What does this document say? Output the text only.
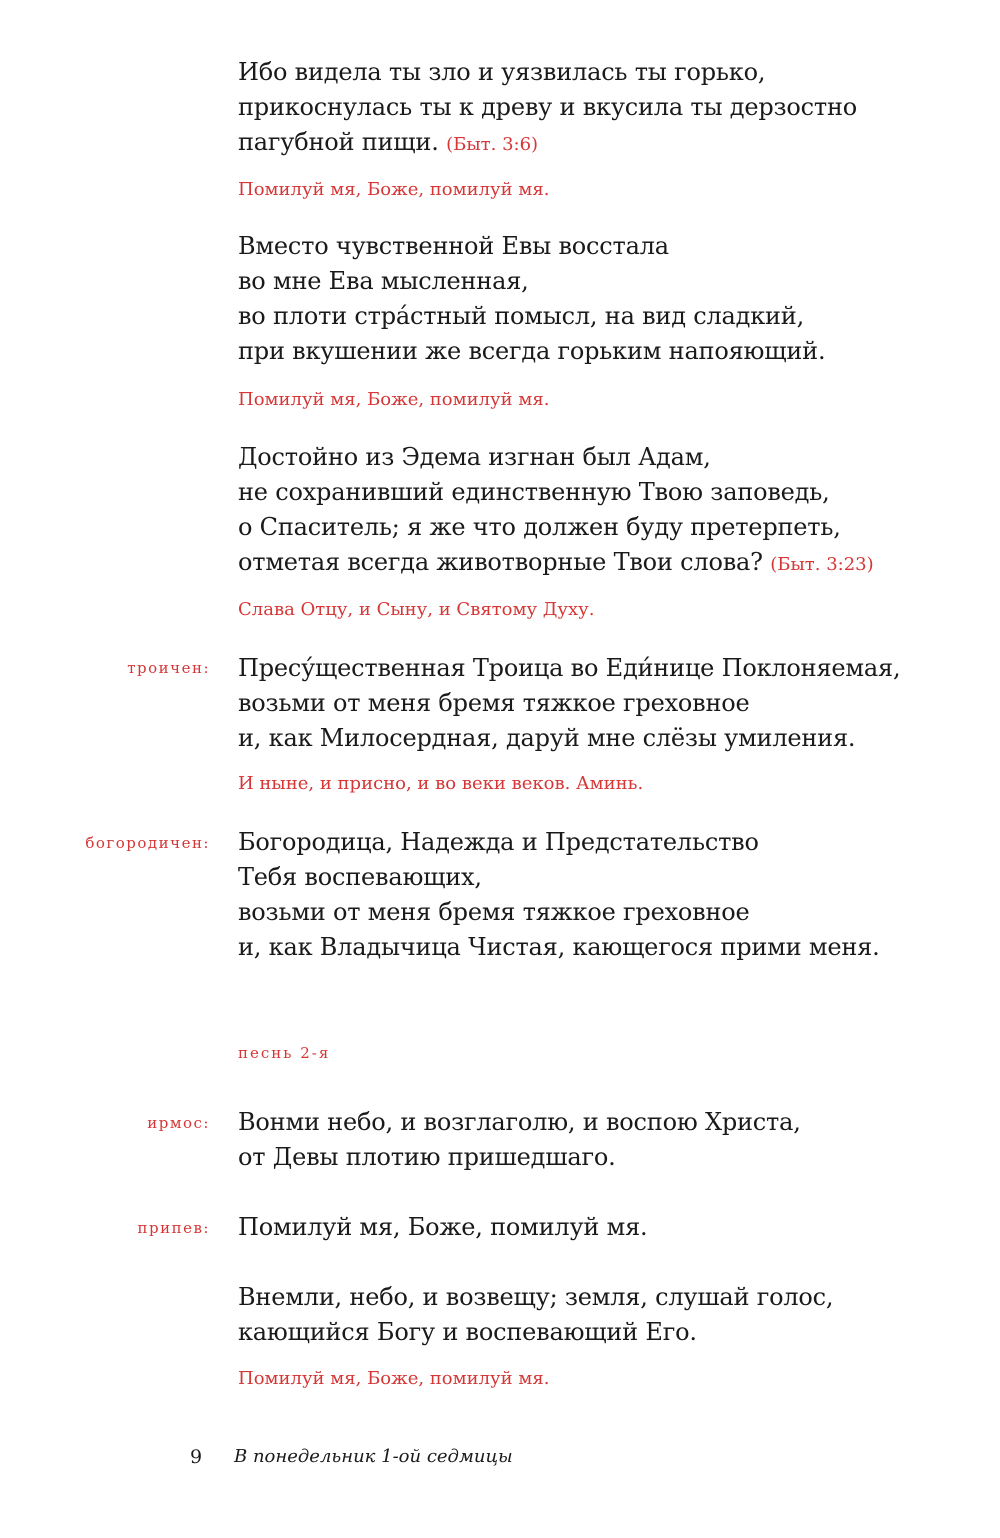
Ибо видела ты зло и уязвилась ты горько,
прикоснулась ты к древу и вкусила ты дерзостно
пагубной пищи. (Быт. 3:6)
Помилуй мя, Боже, помилуй мя.
Вместо чувственной Евы восстала
во мне Ева мысленная,
во плоти стра́стный помысл, на вид сладкий,
при вкушении же всегда горьким напояющий.
Помилуй мя, Боже, помилуй мя.
Достойно из Эдема изгнан был Адам,
не сохранивший единственную Твою заповедь,
о Спаситель; я же что должен буду претерпеть,
отметая всегда животворные Твои слова? (Быт. 3:23)
Слава Отцу, и Сыну, и Святому Духу.
троичен: Пресу́щественная Троица во Еди́нице Поклоняемая,
возьми от меня бремя тяжкое греховное
и, как Милосердная, даруй мне слёзы умиления.
И ныне, и присно, и во веки веков. Аминь.
богородичен: Богородица, Надежда и Предстательство
Тебя воспевающих,
возьми от меня бремя тяжкое греховное
и, как Владычица Чистая, кающегося прими меня.
песнь 2-я
ирмос: Вонми небо, и возглаголю, и воспою Христа,
от Девы плотию пришедшаго.
припев: Помилуй мя, Боже, помилуй мя.
Внемли, небо, и возвещу; земля, слушай голос,
кающийся Богу и воспевающий Его.
Помилуй мя, Боже, помилуй мя.
9 В понедельник 1-ой седмицы
